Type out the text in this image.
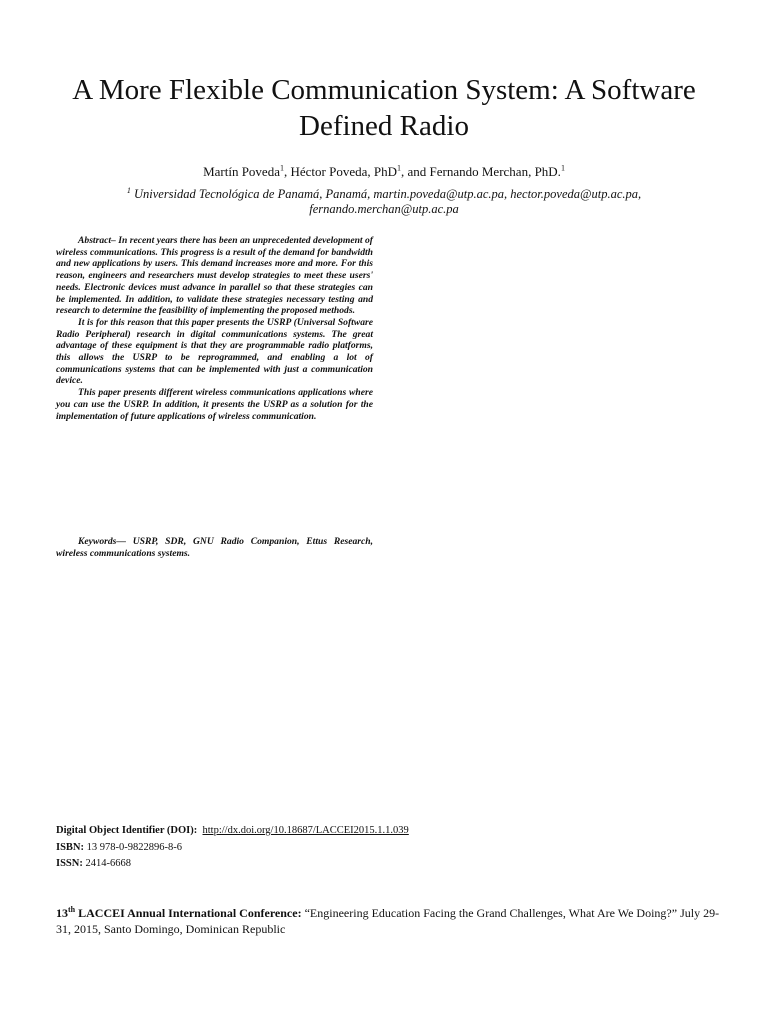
A More Flexible Communication System: A Software Defined Radio
Martín Poveda$^1$, Héctor Poveda, PhD$^1$, and Fernando Merchan, PhD.$^1$
$^1$ Universidad Tecnológica de Panamá, Panamá, martin.poveda@utp.ac.pa, hector.poveda@utp.ac.pa, fernando.merchan@utp.ac.pa

Abstract– In recent years there has been an unprecedented development of wireless communications. This progress is a result of the demand for bandwidth and new applications by users. This demand increases more and more. For this reason, engineers and researchers must develop strategies to meet these users' needs. Electronic devices must advance in parallel so that these strategies can be implemented. In addition, to validate these strategies necessary testing and research to determine the feasibility of implementing the proposed methods.

It is for this reason that this paper presents the USRP (Universal Software Radio Peripheral) research in digital communications systems. The great advantage of these equipment is that they are programmable radio platforms, this allows the USRP to be reprogrammed, and enabling a lot of communications systems that can be implemented with just a communication device.

This paper presents different wireless communications applications where you can use the USRP. In addition, it presents the USRP as a solution for the implementation of future applications of wireless communication.

Keywords— USRP, SDR, GNU Radio Companion, Ettus Research, wireless communications systems.

Digital Object Identifier (DOI): http://dx.doi.org/10.18687/LACCEI2015.1.1.039
ISBN: 13 978-0-9822896-8-6
ISSN: 2414-6668
13th LACCEI Annual International Conference: “Engineering Education Facing the Grand Challenges, What Are We Doing?” July 29-31, 2015, Santo Domingo, Dominican Republic
